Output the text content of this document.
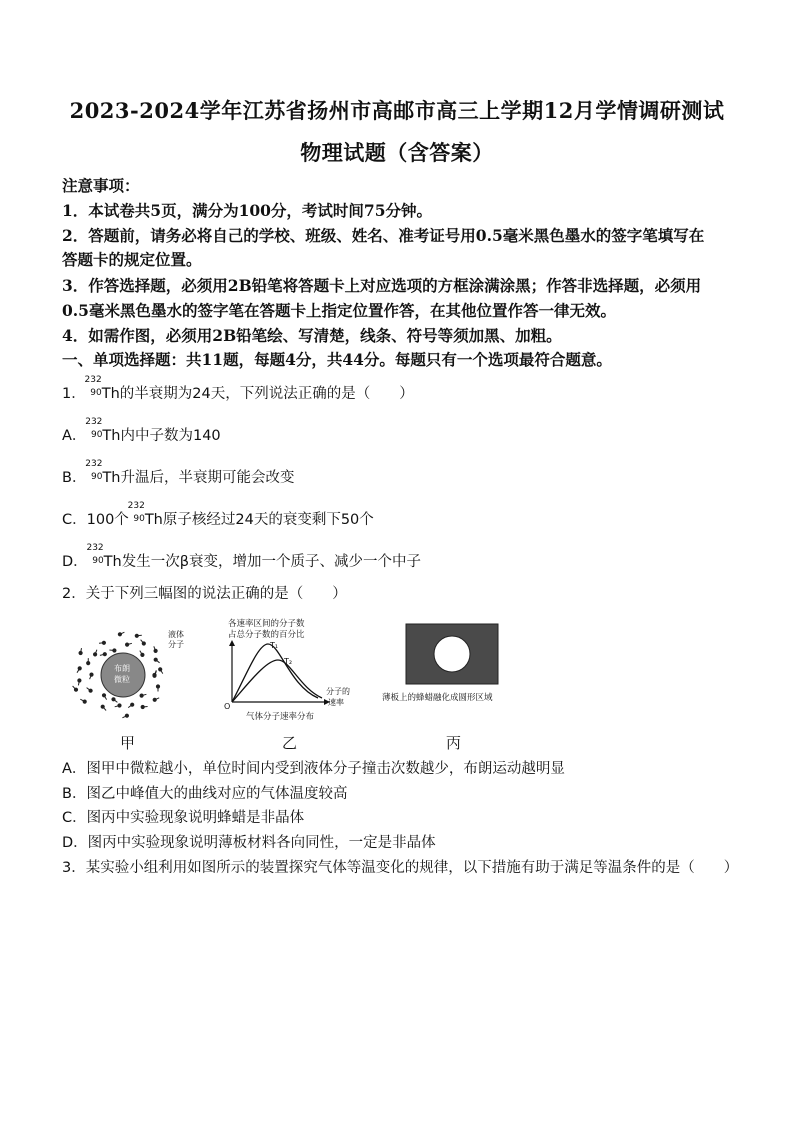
2023-2024学年江苏省扬州市高邮市高三上学期12月学情调研测试
物理试题（含答案）
注意事项：
1．本试卷共5页，满分为100分，考试时间75分钟。
2．答题前，请务必将自己的学校、班级、姓名、准考证号用0.5毫米黑色墨水的签字笔填写在
答题卡的规定位置。
3．作答选择题，必须用2B铅笔将答题卡上对应选项的方框涂满涂黑；作答非选择题，必须用
0.5毫米黑色墨水的签字笔在答题卡上指定位置作答，在其他位置作答一律无效。
4．如需作图，必须用2B铅笔绘、写清楚，线条、符号等须加黑、加粗。
一、单项选择题：共11题，每题4分，共44分。每题只有一个选项最符合题意。
1．
232
90 Th的半衰期为24天，下列说法正确的是（　　）
A．
232
90 Th内中子数为140
B．
232
90 Th升温后，半衰期可能会改变
C．100个
232
90 Th原子核经过24天的衰变剩下50个
D．
232
90 Th发生一次β衰变，增加一个质子、减少一个中子
2．关于下列三幅图的说法正确的是（　　）
布朗
微粒
液体
分子
甲
各速率区间的分子数
占总分子数的百分比
T₁
T₂
O
分子的
速率
气体分子速率分布
乙
薄板上的蜂蜡融化成圆形区域
丙
A．图甲中微粒越小，单位时间内受到液体分子撞击次数越少，布朗运动越明显
B．图乙中峰值大的曲线对应的气体温度较高
C．图丙中实验现象说明蜂蜡是非晶体
D．图丙中实验现象说明薄板材料各向同性，一定是非晶体
3．某实验小组利用如图所示的装置探究气体等温变化的规律，以下措施有助于满足等温条件的是（　　）
